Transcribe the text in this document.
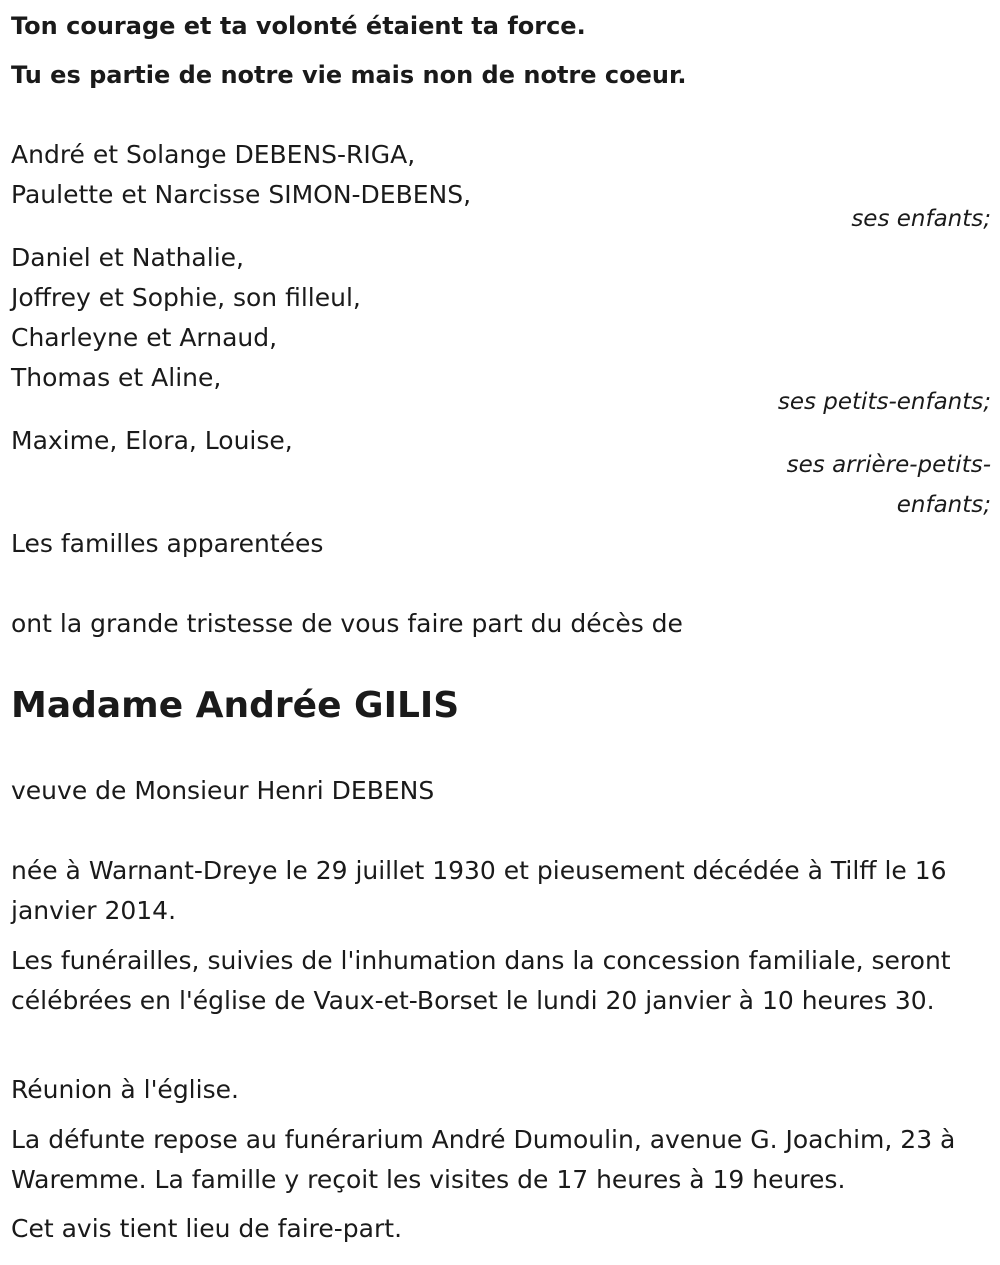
Ton courage et ta volonté étaient ta force.
Tu es partie de notre vie mais non de notre coeur.
André et Solange DEBENS-RIGA,
Paulette et Narcisse SIMON-DEBENS,
ses enfants;
Daniel et Nathalie,
Joffrey et Sophie, son filleul,
Charleyne et Arnaud,
Thomas et Aline,
ses petits-enfants;
Maxime, Elora, Louise,
ses arrière-petits-
enfants;
Les familles apparentées
ont la grande tristesse de vous faire part du décès de
Madame Andrée GILIS
veuve de Monsieur Henri DEBENS
née à Warnant-Dreye le 29 juillet 1930 et pieusement décédée à Tilff le 16 janvier 2014.
Les funérailles, suivies de l'inhumation dans la concession familiale, seront célébrées en l'église de Vaux-et-Borset le lundi 20 janvier à 10 heures 30.
Réunion à l'église.
La défunte repose au funérarium André Dumoulin, avenue G. Joachim, 23 à Waremme. La famille y reçoit les visites de 17 heures à 19 heures.
Cet avis tient lieu de faire-part.
